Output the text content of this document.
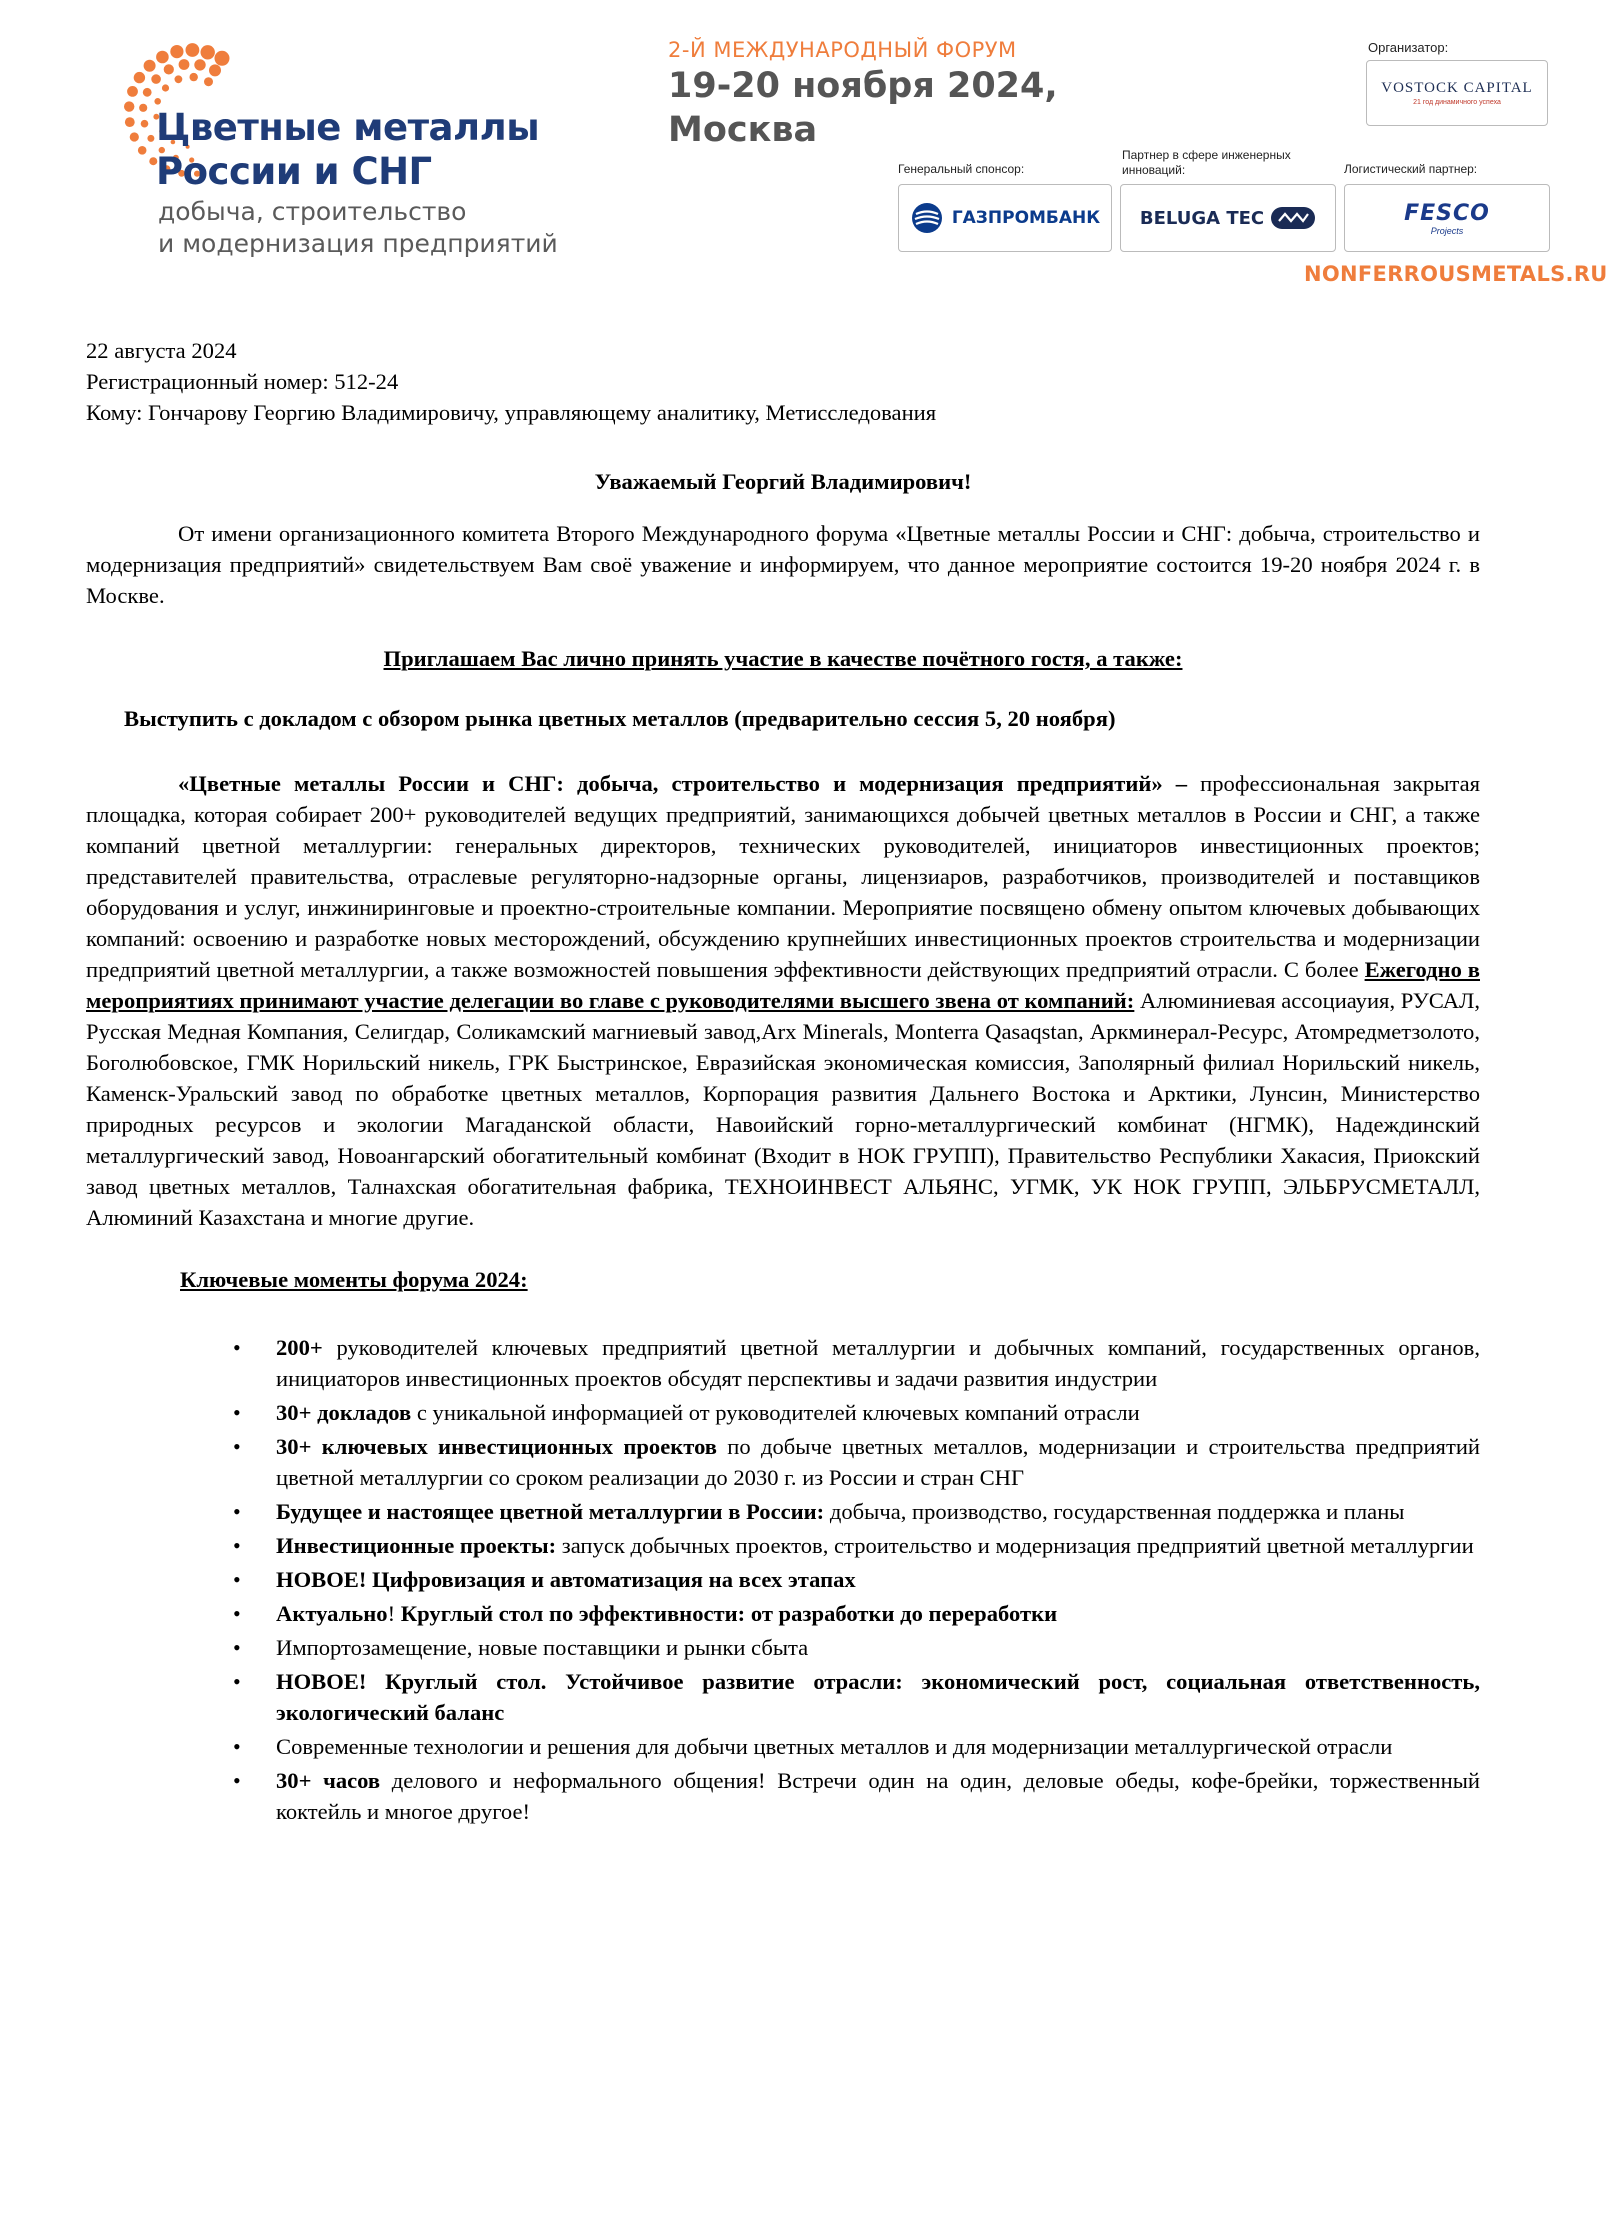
Цветные металлы
России и СНГ
добыча, строительство
и модернизация предприятий
2-Й МЕЖДУНАРОДНЫЙ ФОРУМ
19-20 ноября 2024,
Москва
Организатор:
VOSTOCK CAPITAL
21 год динамичного успеха
Генеральный спонсор:
ГАЗПРОМБАНК
Партнер в сфере инженерных инноваций:
BELUGA TEC
Логистический партнер:
FESCO
Projects
NONFERROUSMETALS.RU
22 августа 2024
Регистрационный номер: 512-24
Кому: Гончарову Георгию Владимировичу, управляющему аналитику, Метисследования

Уважаемый Георгий Владимирович!

От имени организационного комитета Второго Международного форума «Цветные металлы России и СНГ: добыча, строительство и модернизация предприятий» свидетельствуем Вам своё уважение и информируем, что данное мероприятие состоится 19-20 ноября 2024 г. в Москве.

Приглашаем Вас лично принять участие в качестве почётного гостя, а также:

Выступить с докладом с обзором рынка цветных металлов (предварительно сессия 5, 20 ноября)

«Цветные металлы России и СНГ: добыча, строительство и модернизация предприятий» – профессиональная закрытая площадка, которая собирает 200+ руководителей ведущих предприятий, занимающихся добычей цветных металлов в России и СНГ, а также компаний цветной металлургии: генеральных директоров, технических руководителей, инициаторов инвестиционных проектов; представителей правительства, отраслевые регуляторно-надзорные органы, лицензиаров, разработчиков, производителей и поставщиков оборудования и услуг, инжиниринговые и проектно-строительные компании. Мероприятие посвящено обмену опытом ключевых добывающих компаний: освоению и разработке новых месторождений, обсуждению крупнейших инвестиционных проектов строительства и модернизации предприятий цветной металлургии, а также возможностей повышения эффективности действующих предприятий отрасли. С более Ежегодно в мероприятиях принимают участие делегации во главе с руководителями высшего звена от компаний: Алюминиевая ассоциауия, РУСАЛ, Русская Медная Компания, Селигдар, Соликамский магниевый завод,Arx Minerals, Monterra Qasaqstan, Аркминерал-Ресурс, Атомредметзолото, Боголюбовское, ГМК Норильский никель, ГРК Быстринское, Евразийская экономическая комиссия, Заполярный филиал Норильский никель, Каменск-Уральский завод по обработке цветных металлов, Корпорация развития Дальнего Востока и Арктики, Лунсин, Министерство природных ресурсов и экологии Магаданской области, Навоийский горно-металлургический комбинат (НГМК), Надеждинский металлургический завод, Новоангарский обогатительный комбинат (Входит в НОК ГРУПП), Правительство Республики Хакасия, Приокский завод цветных металлов, Талнахская обогатительная фабрика, ТЕХНОИНВЕСТ АЛЬЯНС, УГМК, УК НОК ГРУПП, ЭЛЬБРУСМЕТАЛЛ, Алюминий Казахстана и многие другие.

Ключевые моменты форума 2024:

• 200+ руководителей ключевых предприятий цветной металлургии и добычных компаний, государственных органов, инициаторов инвестиционных проектов обсудят перспективы и задачи развития индустрии
• 30+ докладов с уникальной информацией от руководителей ключевых компаний отрасли
• 30+ ключевых инвестиционных проектов по добыче цветных металлов, модернизации и строительства предприятий цветной металлургии со сроком реализации до 2030 г. из России и стран СНГ
• Будущее и настоящее цветной металлургии в России: добыча, производство, государственная поддержка и планы
• Инвестиционные проекты: запуск добычных проектов, строительство и модернизация предприятий цветной металлургии
• НОВОЕ! Цифровизация и автоматизация на всех этапах
• Актуально! Круглый стол по эффективности: от разработки до переработки
• Импортозамещение, новые поставщики и рынки сбыта
• НОВОЕ! Круглый стол. Устойчивое развитие отрасли: экономический рост, социальная ответственность, экологический баланс
• Современные технологии и решения для добычи цветных металлов и для модернизации металлургической отрасли
• 30+ часов делового и неформального общения! Встречи один на один, деловые обеды, кофе-брейки, торжественный коктейль и многое другое!
